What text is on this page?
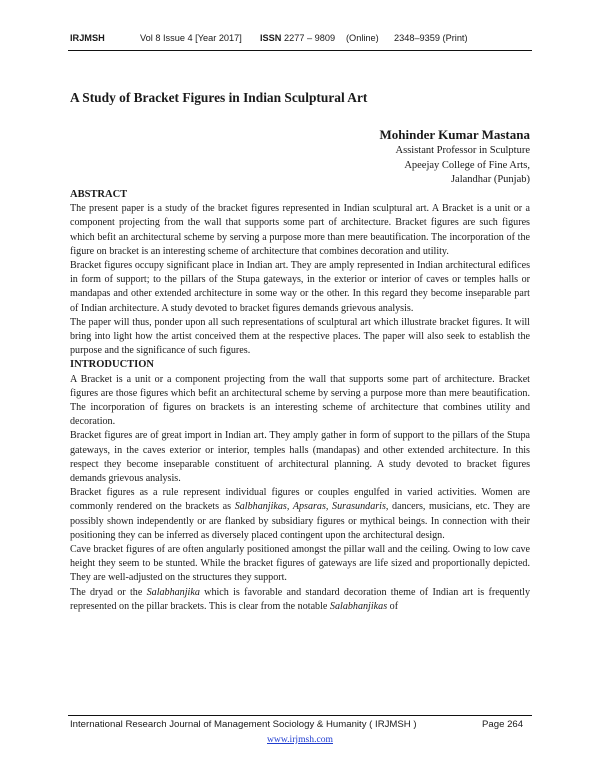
IRJMSH	Vol 8 Issue 4 [Year 2017] ISSN 2277 – 9809 (Online) 2348–9359 (Print)
A Study of Bracket Figures in Indian Sculptural Art
Mohinder Kumar Mastana
Assistant Professor in Sculpture
Apeejay College of Fine Arts,
Jalandhar (Punjab)
ABSTRACT

The present paper is a study of the bracket figures represented in Indian sculptural art. A Bracket is a unit or a component projecting from the wall that supports some part of architecture. Bracket figures are such figures which befit an architectural scheme by serving a purpose more than mere beautification. The incorporation of the figure on bracket is an interesting scheme of architecture that combines decoration and utility.

Bracket figures occupy significant place in Indian art. They are amply represented in Indian architectural edifices in form of support; to the pillars of the Stupa gateways, in the exterior or interior of caves or temples halls or mandapas and other extended architecture in some way or the other. In this regard they become inseparable part of Indian architecture. A study devoted to bracket figures demands grievous analysis.

The paper will thus, ponder upon all such representations of sculptural art which illustrate bracket figures. It will bring into light how the artist conceived them at the respective places. The paper will also seek to establish the purpose and the significance of such figures.

INTRODUCTION

A Bracket is a unit or a component projecting from the wall that supports some part of architecture. Bracket figures are those figures which befit an architectural scheme by serving a purpose more than mere beautification. The incorporation of figures on brackets is an interesting scheme of architecture that combines utility and decoration.

Bracket figures are of great import in Indian art. They amply gather in form of support to the pillars of the Stupa gateways, in the caves exterior or interior, temples halls (mandapas) and other extended architecture. In this respect they become inseparable constituent of architectural planning. A study devoted to bracket figures demands grievous analysis.

Bracket figures as a rule represent individual figures or couples engulfed in varied activities. Women are commonly rendered on the brackets as Salbhanjikas, Apsaras, Surasundaris, dancers, musicians, etc. They are possibly shown independently or are flanked by subsidiary figures or mythical beings. In connection with their positioning they can be inferred as diversely placed contingent upon the architectural design.

Cave bracket figures of are often angularly positioned amongst the pillar wall and the ceiling. Owing to low cave height they seem to be stunted. While the bracket figures of gateways are life sized and proportionally depicted. They are well-adjusted on the structures they support.

The dryad or the Salabhanjika which is favorable and standard decoration theme of Indian art is frequently represented on the pillar brackets. This is clear from the notable Salabhanjikas of

International Research Journal of Management Sociology & Humanity ( IRJMSH )	Page 264
www.irjmsh.com
